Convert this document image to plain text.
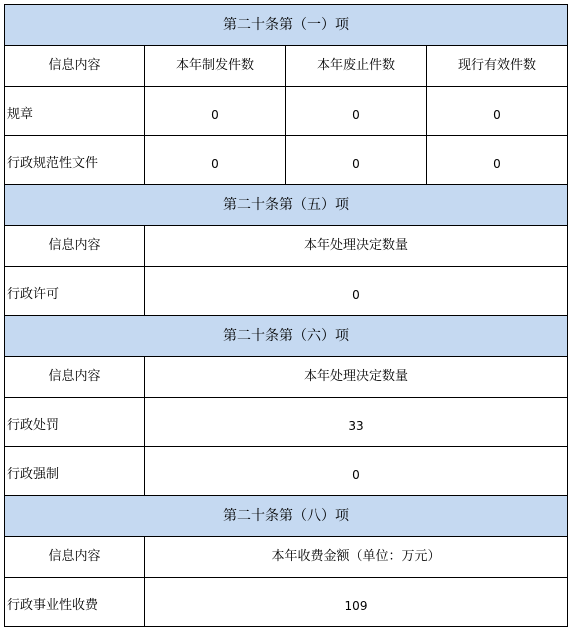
第二十条第（一）项			
信息内容	本年制发件数	本年废止件数	现行有效件数
规章	0	0	0
行政规范性文件	0	0	0
第二十条第（五）项			
信息内容	本年处理决定数量		
行政许可	0		
第二十条第（六）项			
信息内容	本年处理决定数量		
行政处罚	33		
行政强制	0		
第二十条第（八）项			
信息内容	本年收费金额（单位：万元）		
行政事业性收费	109		
